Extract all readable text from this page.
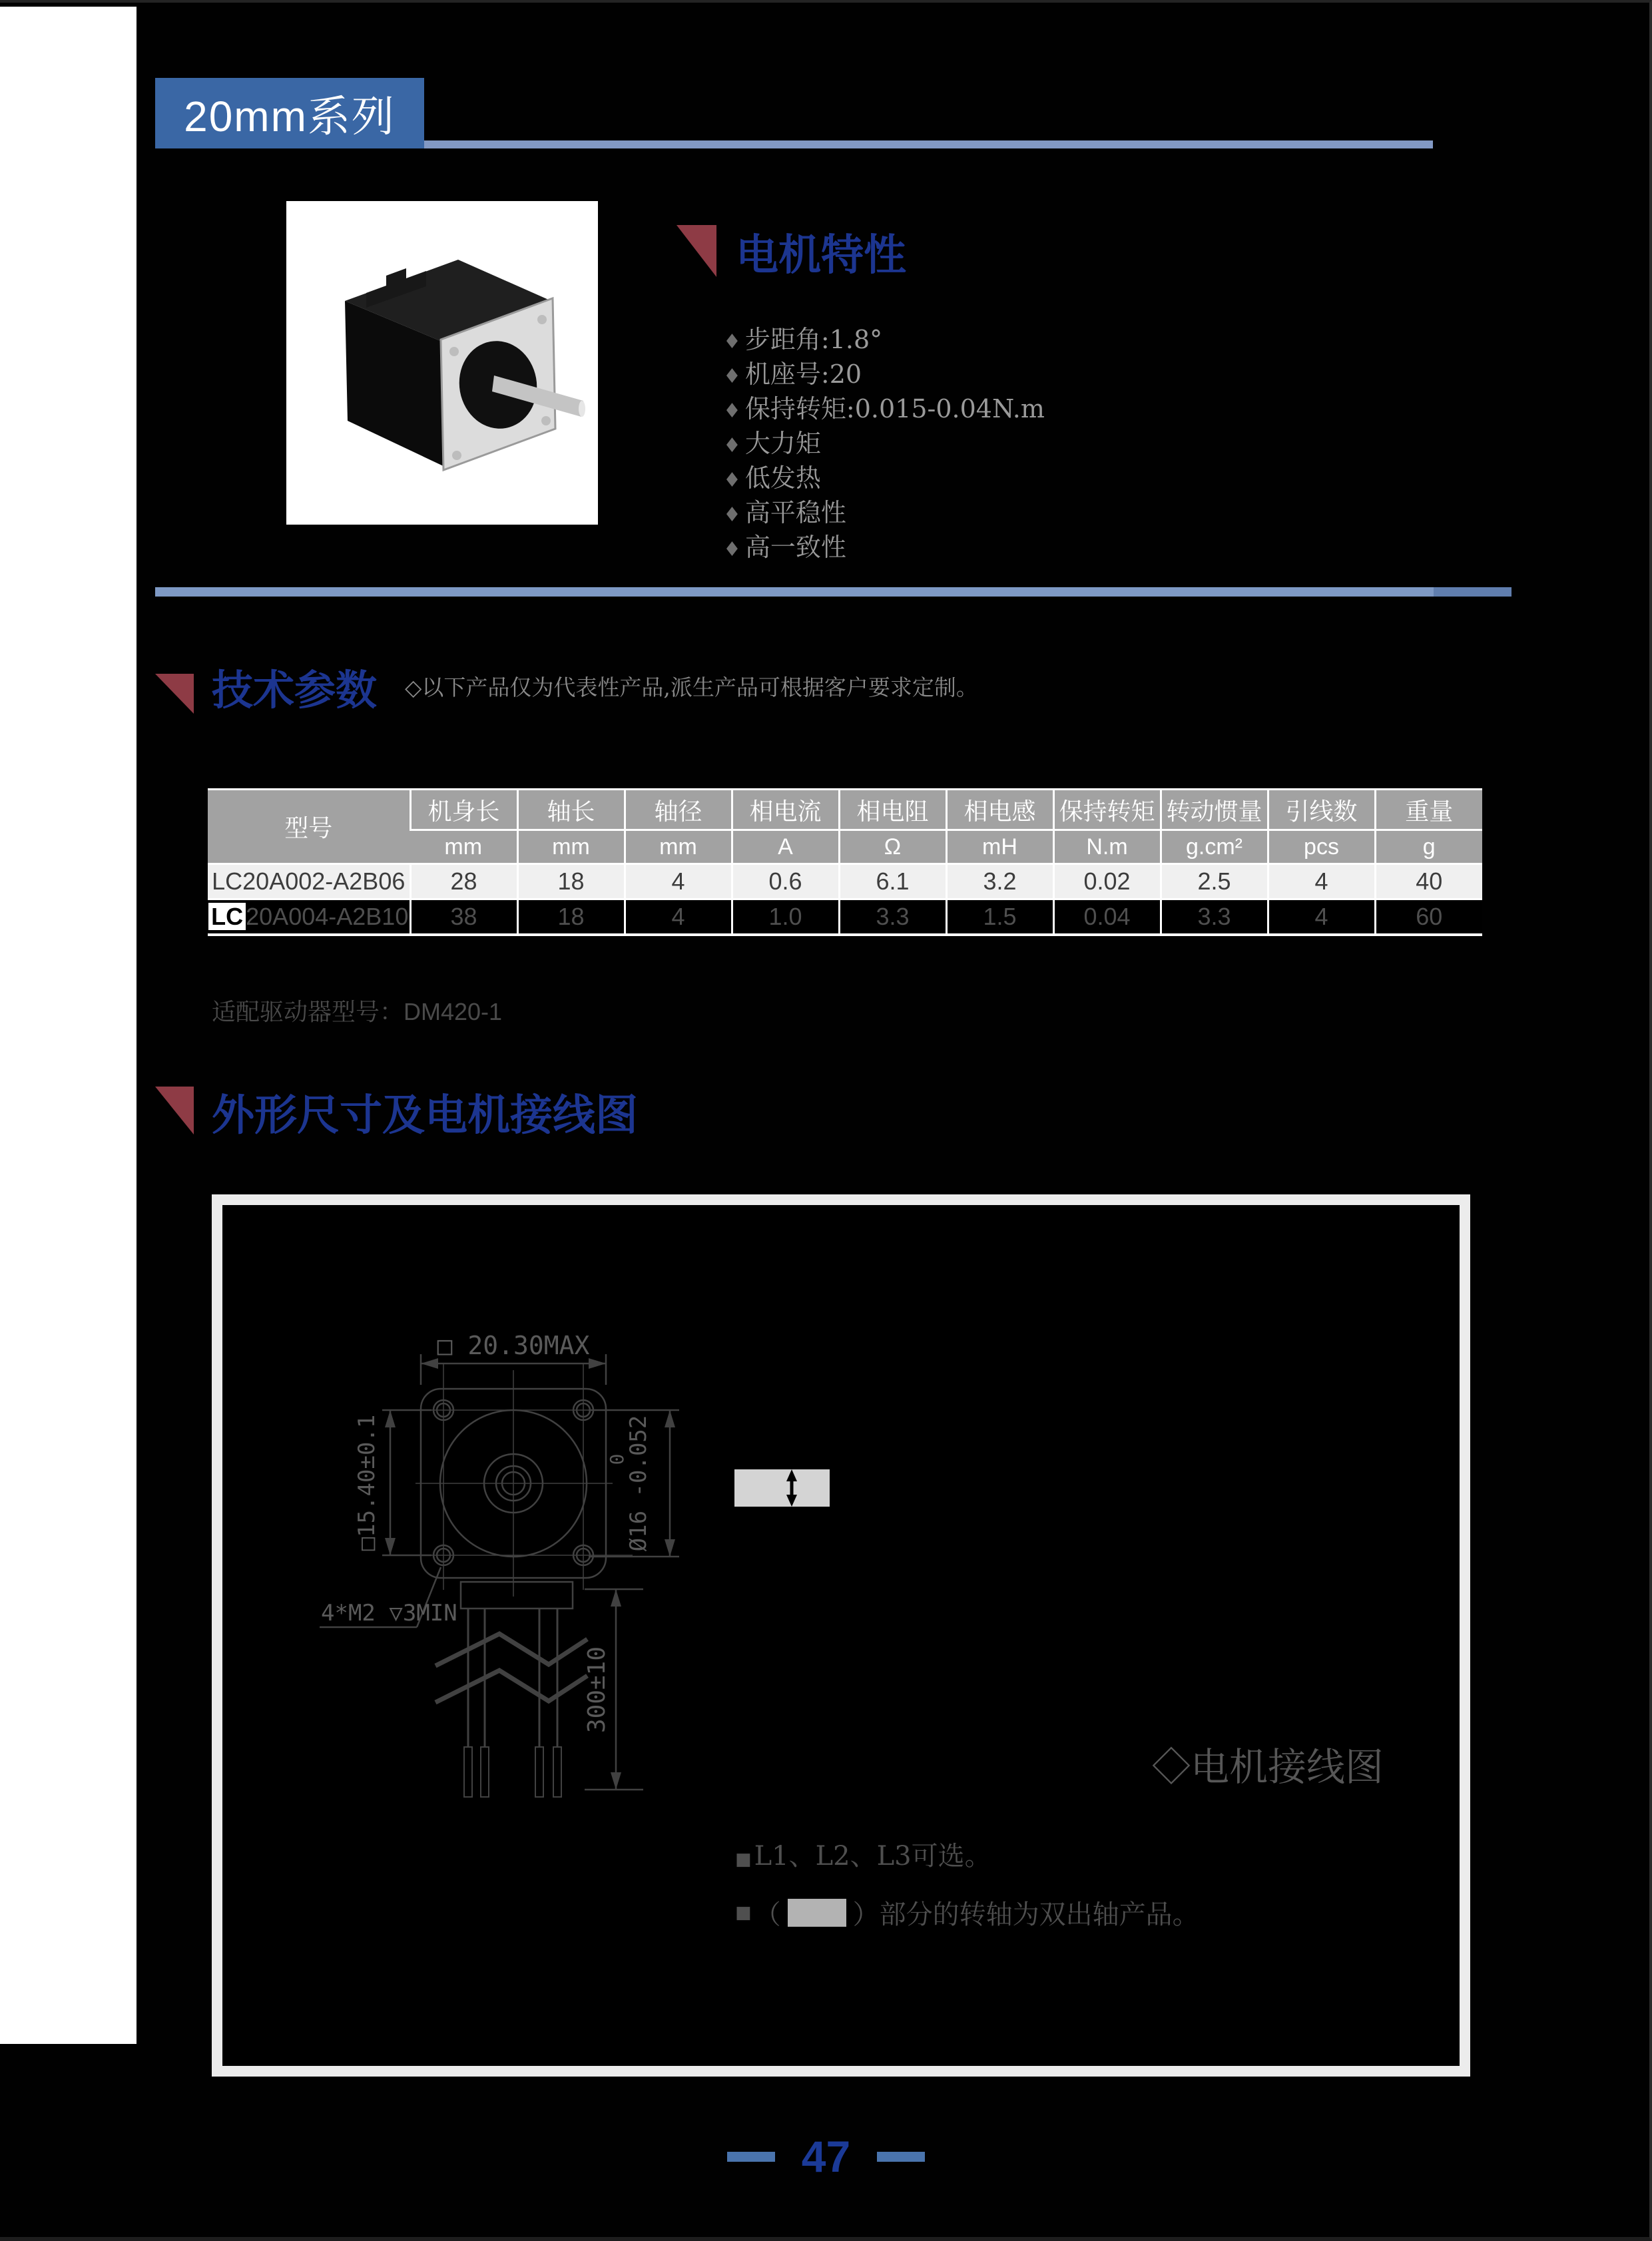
20mm系列
电机特性
♦ 步距角:1.8°
♦ 机座号:20
♦ 保持转矩:0.015-0.04N.m
♦ 大力矩
♦ 低发热
♦ 高平稳性
♦ 高一致性
技术参数 ◇以下产品仅为代表性产品,派生产品可根据客户要求定制。
型号	机身长	轴长	轴径	相电流	相电阻	相电感	保持转矩	转动惯量	引线数	重量
	mm	mm	mm	A	Ω	mH	N.m	g.cm²	pcs	g
LC20A002-A2B06	28	18	4	0.6	6.1	3.2	0.02	2.5	4	40
LC 20A004-A2B10	38	18	4	1.0	3.3	1.5	0.04	3.3	4	60
适配驱动器型号：DM420-1
外形尺寸及电机接线图
□ 20.30MAX
□15.40±0.1	0
Ø16 -0.052
4*M2 ▽3MIN
300±10
◇电机接线图
■ L1、L2、L3可选。
■ （	）部分的转轴为双出轴产品。
47
